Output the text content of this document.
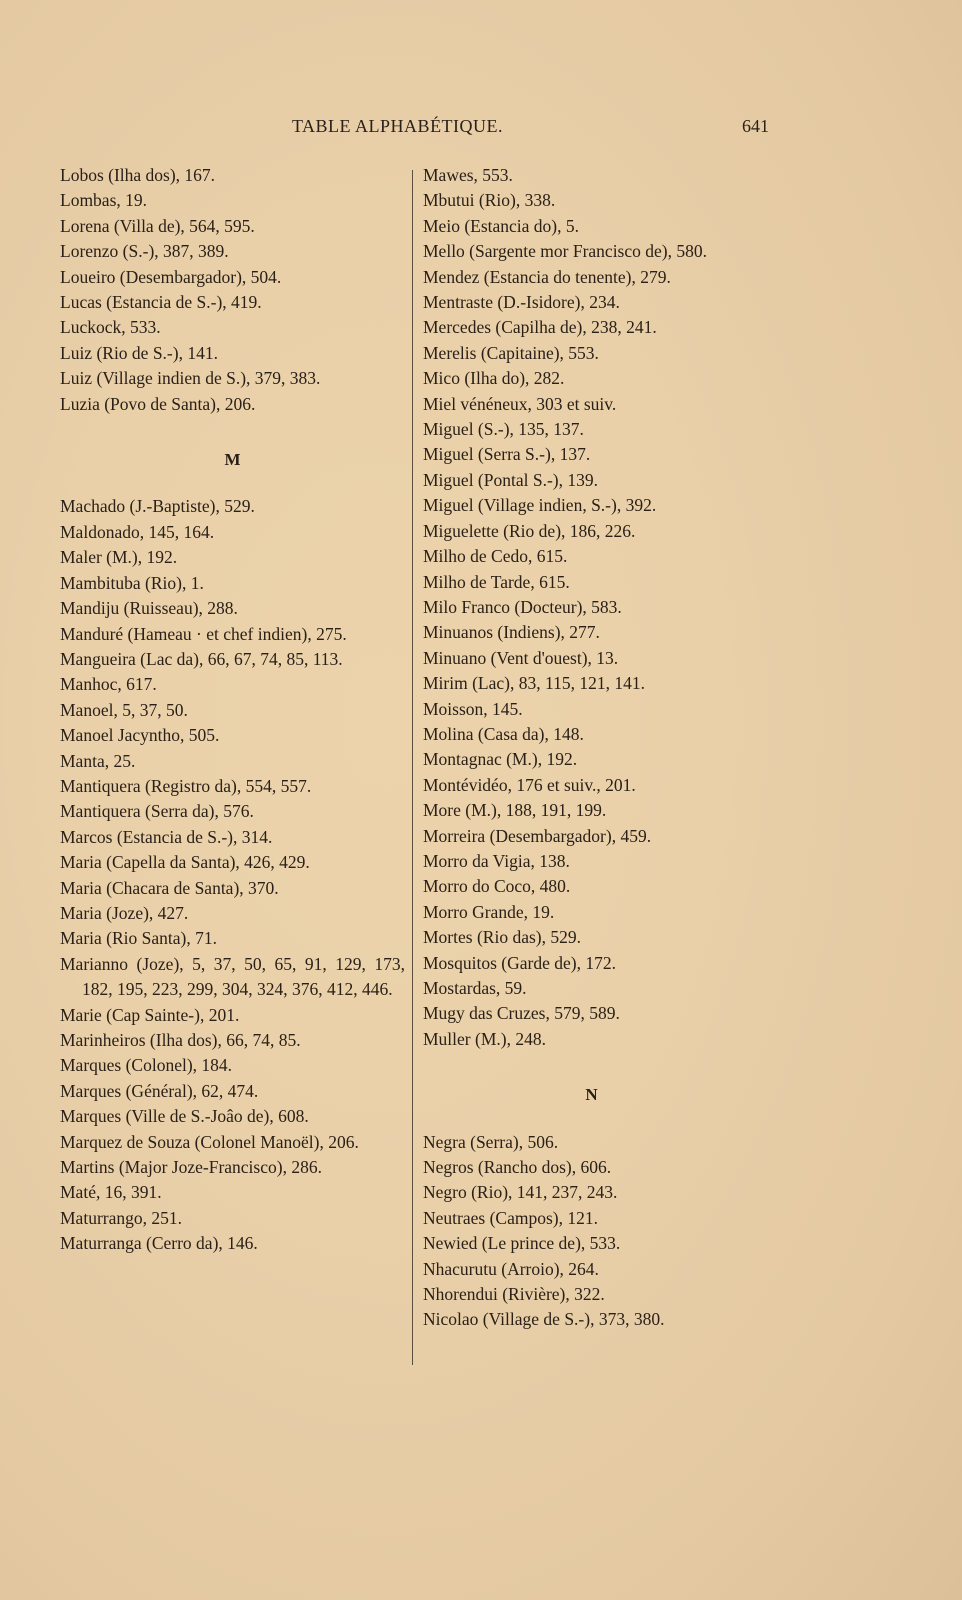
TABLE ALPHABÉTIQUE.	641
Lobos (Ilha dos), 167.
Lombas, 19.
Lorena (Villa de), 564, 595.
Lorenzo (S.-), 387, 389.
Loueiro (Desembargador), 504.
Lucas (Estancia de S.-), 419.
Luckock, 533.
Luiz (Rio de S.-), 141.
Luiz (Village indien de S.), 379, 383.
Luzia (Povo de Santa), 206.
M
Machado (J.-Baptiste), 529.
Maldonado, 145, 164.
Maler (M.), 192.
Mambituba (Rio), 1.
Mandiju (Ruisseau), 288.
Manduré (Hameau · et chef indien), 275.
Mangueira (Lac da), 66, 67, 74, 85, 113.
Manhoc, 617.
Manoel, 5, 37, 50.
Manoel Jacyntho, 505.
Manta, 25.
Mantiquera (Registro da), 554, 557.
Mantiquera (Serra da), 576.
Marcos (Estancia de S.-), 314.
Maria (Capella da Santa), 426, 429.
Maria (Chacara de Santa), 370.
Maria (Joze), 427.
Maria (Rio Santa), 71.
Marianno (Joze), 5, 37, 50, 65, 91, 129, 173, 182, 195, 223, 299, 304, 324, 376, 412, 446.
Marie (Cap Sainte-), 201.
Marinheiros (Ilha dos), 66, 74, 85.
Marques (Colonel), 184.
Marques (Général), 62, 474.
Marques (Ville de S.-Joâo de), 608.
Marquez de Souza (Colonel Manoël), 206.
Martins (Major Joze-Francisco), 286.
Maté, 16, 391.
Maturrango, 251.
Maturranga (Cerro da), 146.
Mawes, 553.
Mbutui (Rio), 338.
Meio (Estancia do), 5.
Mello (Sargente mor Francisco de), 580.
Mendez (Estancia do tenente), 279.
Mentraste (D.-Isidore), 234.
Mercedes (Capilha de), 238, 241.
Merelis (Capitaine), 553.
Mico (Ilha do), 282.
Miel vénéneux, 303 et suiv.
Miguel (S.-), 135, 137.
Miguel (Serra S.-), 137.
Miguel (Pontal S.-), 139.
Miguel (Village indien, S.-), 392.
Miguelette (Rio de), 186, 226.
Milho de Cedo, 615.
Milho de Tarde, 615.
Milo Franco (Docteur), 583.
Minuanos (Indiens), 277.
Minuano (Vent d'ouest), 13.
Mirim (Lac), 83, 115, 121, 141.
Moisson, 145.
Molina (Casa da), 148.
Montagnac (M.), 192.
Montévidéo, 176 et suiv., 201.
More (M.), 188, 191, 199.
Morreira (Desembargador), 459.
Morro da Vigia, 138.
Morro do Coco, 480.
Morro Grande, 19.
Mortes (Rio das), 529.
Mosquitos (Garde de), 172.
Mostardas, 59.
Mugy das Cruzes, 579, 589.
Muller (M.), 248.
N
Negra (Serra), 506.
Negros (Rancho dos), 606.
Negro (Rio), 141, 237, 243.
Neutraes (Campos), 121.
Newied (Le prince de), 533.
Nhacurutu (Arroio), 264.
Nhorendui (Rivière), 322.
Nicolao (Village de S.-), 373, 380.
